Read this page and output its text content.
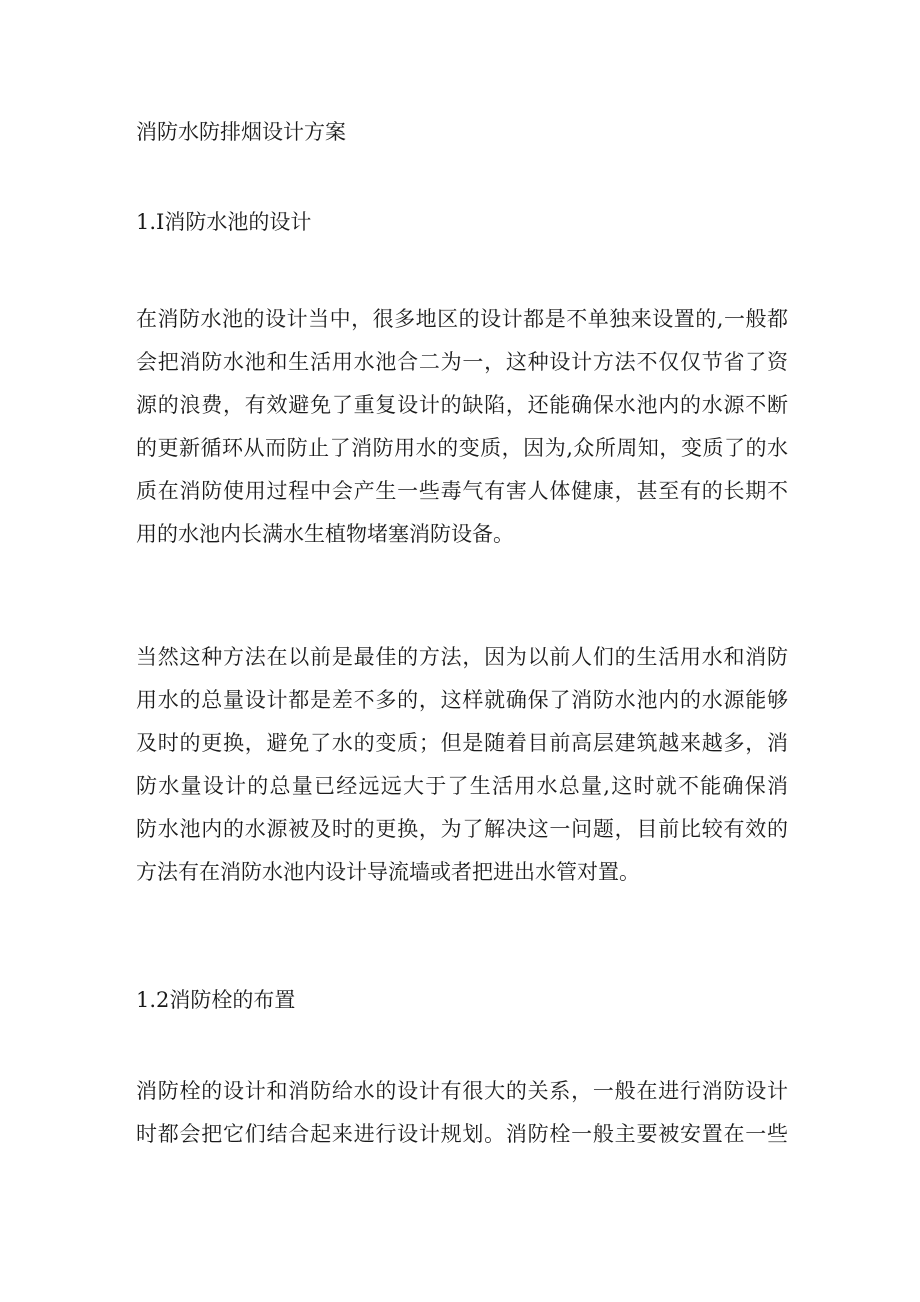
消防水防排烟设计方案
1.I消防水池的设计

在消防水池的设计当中，很多地区的设计都是不单独来设置的,一般都
会把消防水池和生活用水池合二为一，这种设计方法不仅仅节省了资
源的浪费，有效避免了重复设计的缺陷，还能确保水池内的水源不断
的更新循环从而防止了消防用水的变质，因为,众所周知，变质了的水
质在消防使用过程中会产生一些毒气有害人体健康，甚至有的长期不
用的水池内长满水生植物堵塞消防设备。

当然这种方法在以前是最佳的方法，因为以前人们的生活用水和消防
用水的总量设计都是差不多的，这样就确保了消防水池内的水源能够
及时的更换，避免了水的变质；但是随着目前高层建筑越来越多，消
防水量设计的总量已经远远大于了生活用水总量,这时就不能确保消
防水池内的水源被及时的更换，为了解决这一问题，目前比较有效的
方法有在消防水池内设计导流墙或者把进出水管对置。

1.2消防栓的布置

消防栓的设计和消防给水的设计有很大的关系，一般在进行消防设计
时都会把它们结合起来进行设计规划。消防栓一般主要被安置在一些
